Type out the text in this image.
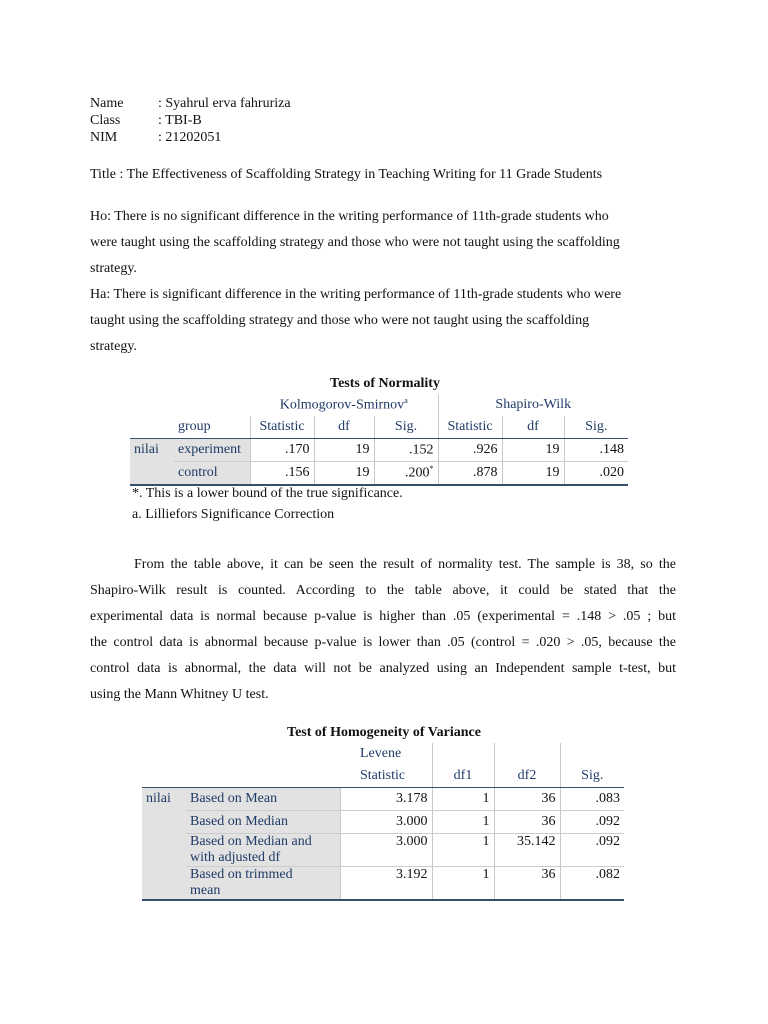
Name : Syahrul erva fahruriza
Class	: TBI-B
NIM	: 21202051
Title : The Effectiveness of Scaffolding Strategy in Teaching Writing for 11 Grade Students
Ho: There is no significant difference in the writing performance of 11th-grade students who
were taught using the scaffolding strategy and those who were not taught using the scaffolding
strategy.
Ha: There is significant difference in the writing performance of 11th-grade students who were
taught using the scaffolding strategy and those who were not taught using the scaffolding
strategy.
Tests of Normality
		Kolmogorov-Smirnov$^a$			Shapiro-Wilk		
	group	Statistic	df	Sig.	Statistic	df	Sig.
nilai	experiment	.170	19	.152	.926	19	.148
	control	.156	19	.200*	.878	19	.020
*. This is a lower bound of the true significance.
a. Lilliefors Significance Correction
From the table above, it can be seen the result of normality test. The sample is 38, so the
Shapiro-Wilk result is counted. According to the table above, it could be stated that the
experimental data is normal because p-value is higher than .05 (experimental = .148 > .05 ; but
the control data is abnormal because p-value is lower than .05 (control = .020 > .05, because the
control data is abnormal, the data will not be analyzed using an Independent sample t-test, but
using the Mann Whitney U test.
Test of Homogeneity of Variance
		Levene			
		Statistic	df1	df2	Sig.
nilai	Based on Mean	3.178	1	36	.083
	Based on Median	3.000	1	36	.092

	Based on Median and
with adjusted df	3.000	1	35.142	.092

	Based on trimmed
mean	3.192	1	36	.082
